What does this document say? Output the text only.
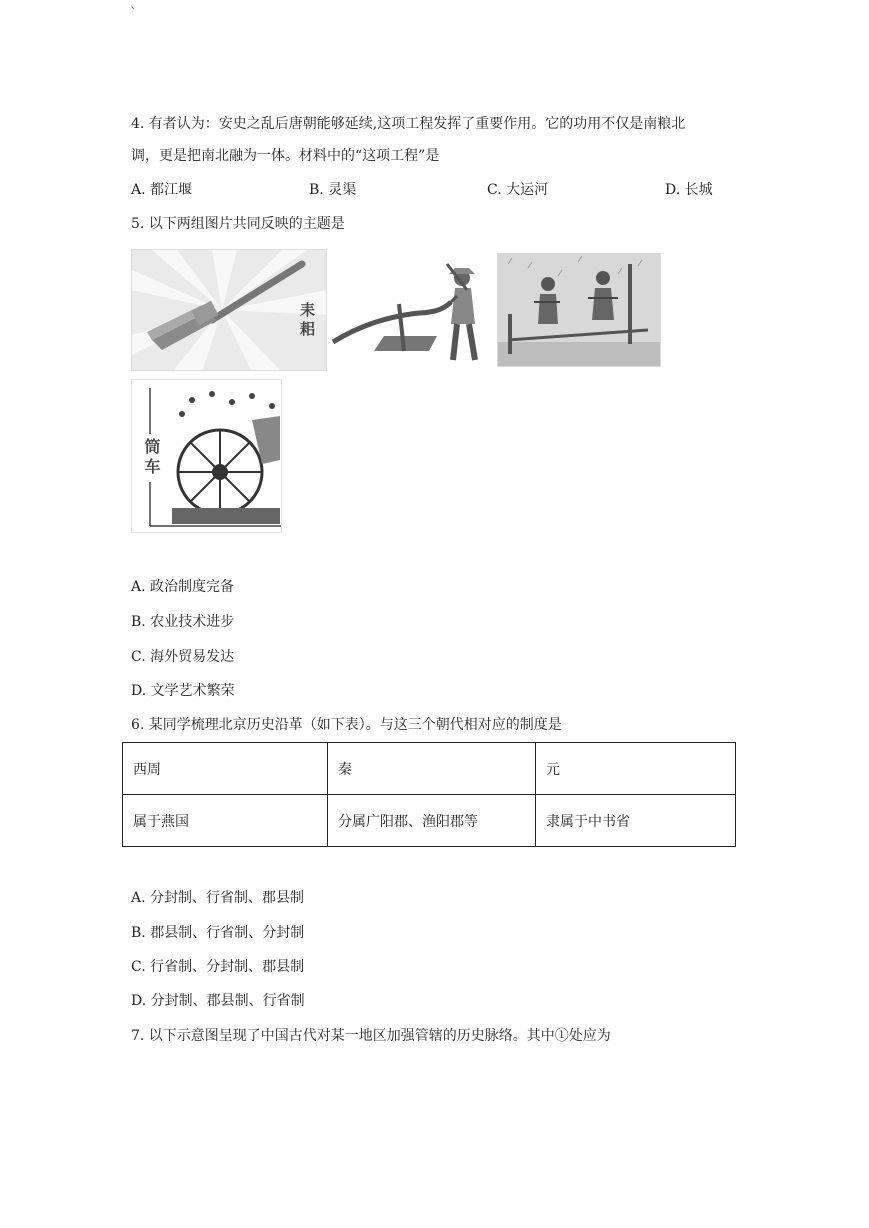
`
4. 有者认为：安史之乱后唐朝能够延续,这项工程发挥了重要作用。它的功用不仅是南粮北
调，更是把南北融为一体。材料中的“这项工程”是
A. 都江堰	B. 灵渠	C. 大运河	D. 长城
5. 以下两组图片共同反映的主题是
耒耜
筒车
A. 政治制度完备
B. 农业技术进步
C. 海外贸易发达
D. 文学艺术繁荣
6. 某同学梳理北京历史沿革（如下表）。与这三个朝代相对应的制度是
西周	秦	元
属于燕国	分属广阳郡、渔阳郡等	隶属于中书省
A. 分封制、行省制、郡县制
B. 郡县制、行省制、分封制
C. 行省制、分封制、郡县制
D. 分封制、郡县制、行省制
7. 以下示意图呈现了中国古代对某一地区加强管辖的历史脉络。其中①处应为
